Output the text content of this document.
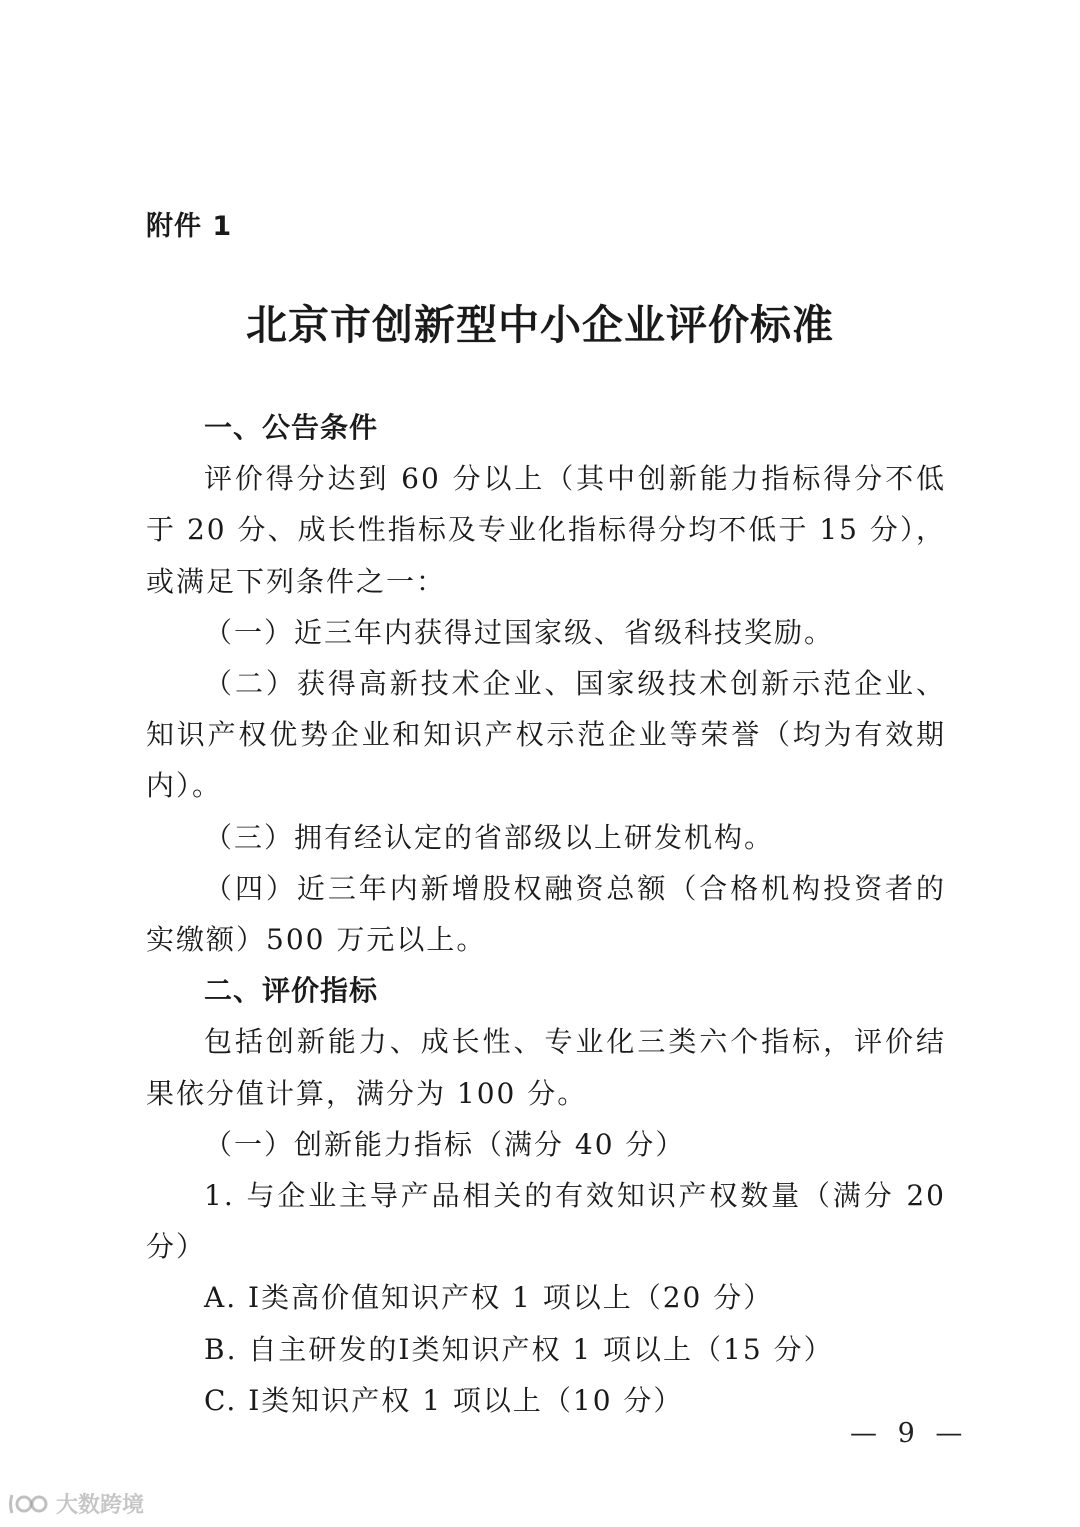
附件 1
北京市创新型中小企业评价标准

一、公告条件

评价得分达到 60 分以上（其中创新能力指标得分不低于 20 分、成长性指标及专业化指标得分均不低于 15 分），或满足下列条件之一：

（一）近三年内获得过国家级、省级科技奖励。

（二）获得高新技术企业、国家级技术创新示范企业、知识产权优势企业和知识产权示范企业等荣誉（均为有效期内）。

（三）拥有经认定的省部级以上研发机构。

（四）近三年内新增股权融资总额（合格机构投资者的实缴额）500 万元以上。

二、评价指标

包括创新能力、成长性、专业化三类六个指标，评价结果依分值计算，满分为 100 分。

（一）创新能力指标（满分 40 分）

1. 与企业主导产品相关的有效知识产权数量（满分 20 分）

A. Ⅰ类高价值知识产权 1 项以上（20 分）

B. 自主研发的Ⅰ类知识产权 1 项以上（15 分）

C. Ⅰ类知识产权 1 项以上（10 分）

— 9 —
大数跨境
